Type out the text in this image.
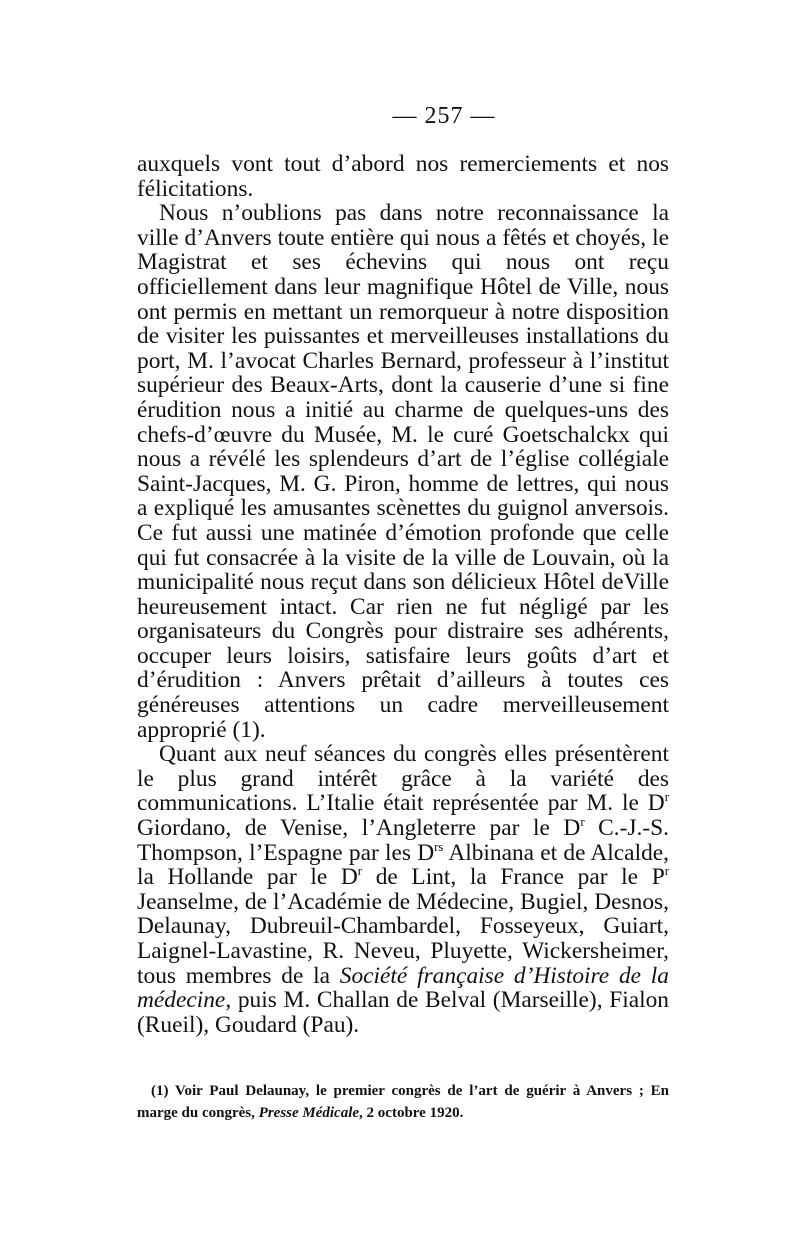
— 257 —

auxquels vont tout d’abord nos remerciements et nos félicitations.

Nous n’oublions pas dans notre reconnaissance la ville d’Anvers toute entière qui nous a fêtés et choyés, le Magistrat et ses échevins qui nous ont reçu officiellement dans leur magnifique Hôtel de Ville, nous ont permis en mettant un remorqueur à notre disposition de visiter les puissantes et merveilleuses installations du port, M. l’avocat Charles Bernard, professeur à l’institut supérieur des Beaux-Arts, dont la causerie d’une si fine érudition nous a initié au charme de quelques-uns des chefs-d’œuvre du Musée, M. le curé Goetschalckx qui nous a révélé les splendeurs d’art de l’église collégiale Saint-Jacques, M. G. Piron, homme de lettres, qui nous a expliqué les amusantes scènettes du guignol anversois. Ce fut aussi une matinée d’émotion profonde que celle qui fut consacrée à la visite de la ville de Louvain, où la municipalité nous reçut dans son délicieux Hôtel deVille heureusement intact. Car rien ne fut négligé par les organisateurs du Congrès pour distraire ses adhérents, occuper leurs loisirs, satisfaire leurs goûts d’art et d’érudition : Anvers prêtait d’ailleurs à toutes ces généreuses attentions un cadre merveilleusement approprié (1).

Quant aux neuf séances du congrès elles présentèrent le plus grand intérêt grâce à la variété des communications. L’Italie était représentée par M. le $D^r$ Giordano, de Venise, l’Angleterre par le $D^r$ C.-J.-S. Thompson, l’Espagne par les $D^{rs}$ Albinana et de Alcalde, la Hollande par le $D^r$ de Lint, la France par le $P^r$ Jeanselme, de l’Académie de Médecine, Bugiel, Desnos, Delaunay, Dubreuil-Chambardel, Fosseyeux, Guiart, Laignel-Lavastine, R. Neveu, Pluyette, Wickersheimer, tous membres de la Société française d’Histoire de la médecine, puis M. Challan de Belval (Marseille), Fialon (Rueil), Goudard (Pau).

(1) Voir Paul Delaunay, le premier congrès de l’art de guérir à Anvers ; En marge du congrès, Presse Médicale, 2 octobre 1920.
